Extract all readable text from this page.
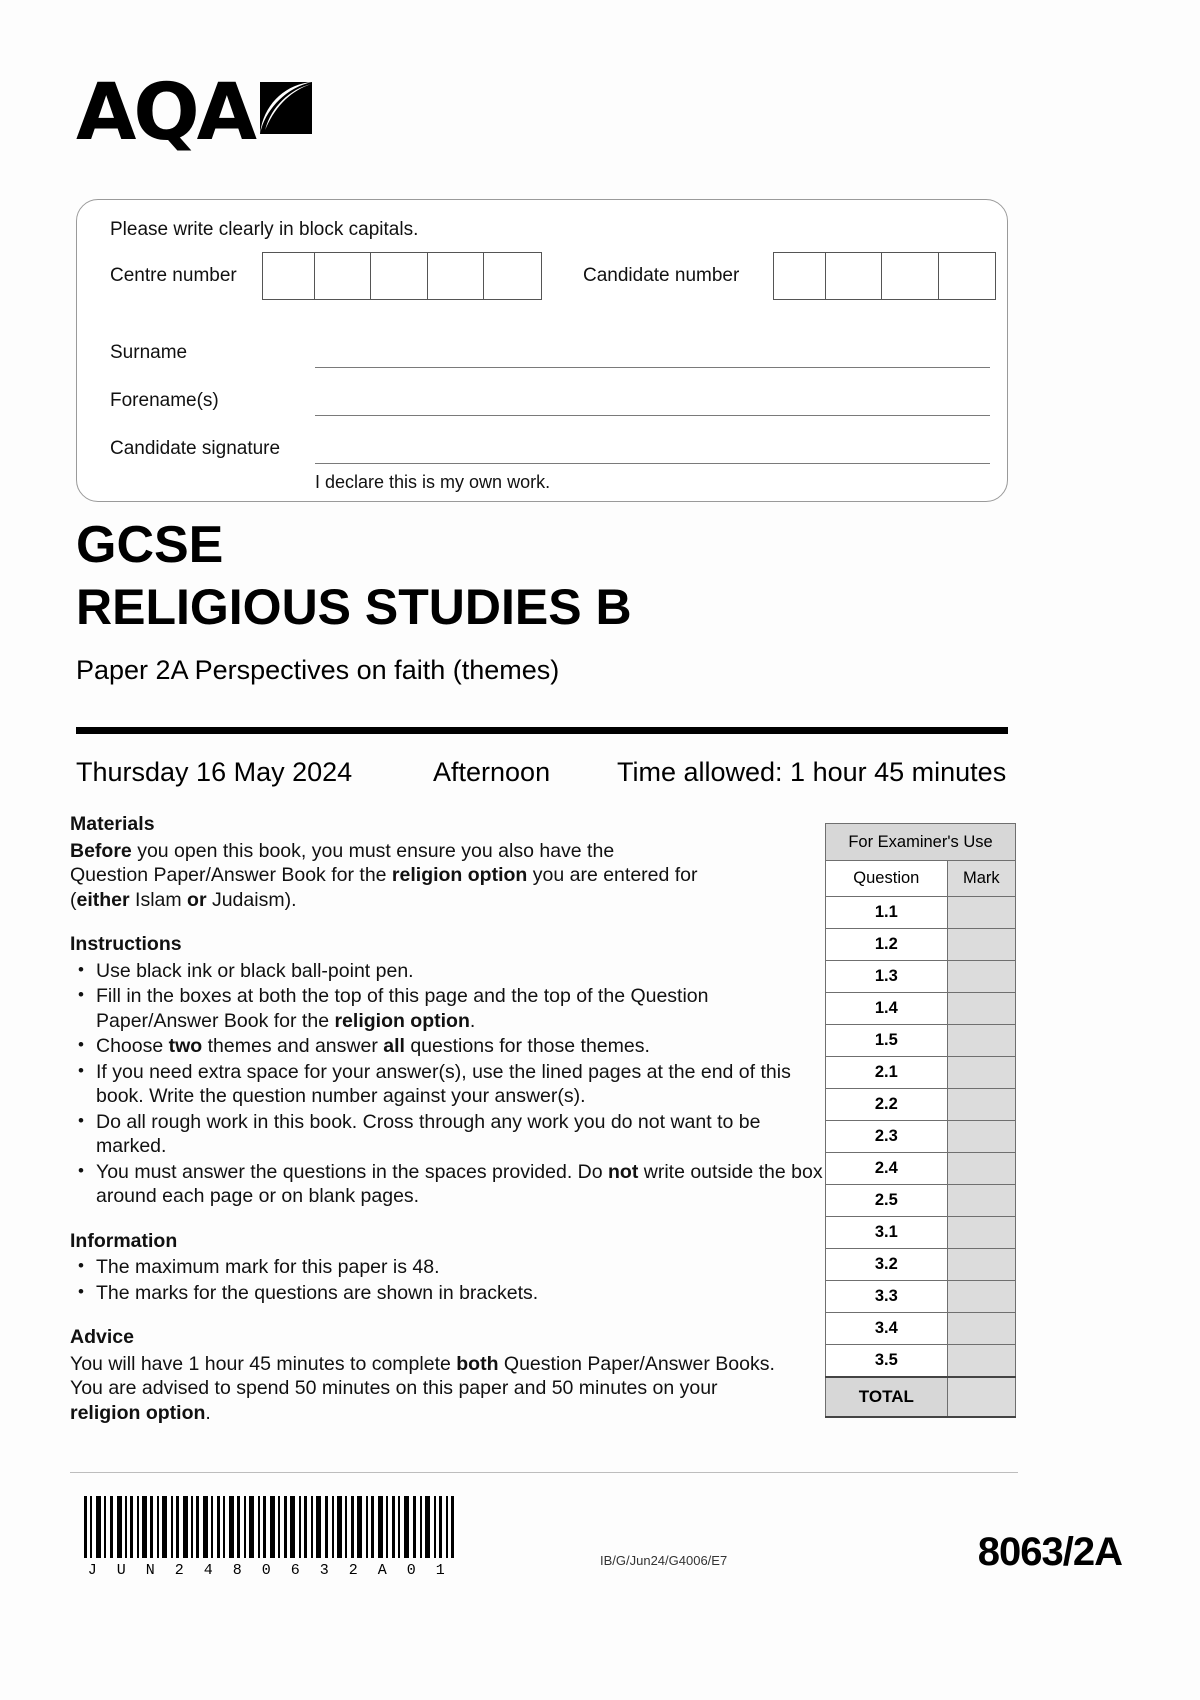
AQA
Please write clearly in block capitals.
Centre number
	Candidate number

Surname
Forename(s)
Candidate signature
I declare this is my own work.
GCSE
RELIGIOUS STUDIES B
Paper 2A Perspectives on faith (themes)
Thursday 16 May 2024	Afternoon Time allowed: 1 hour 45 minutes
Materials

Before you open this book, you must ensure you also have the
Question Paper/Answer Book for the religion option you are entered for
(either Islam or Judaism).

Instructions
• Use black ink or black ball-point pen.
• Fill in the boxes at both the top of this page and the top of the Question Paper/Answer Book for the religion option.
• Choose two themes and answer all questions for those themes.
• If you need extra space for your answer(s), use the lined pages at the end of this book. Write the question number against your answer(s).
• Do all rough work in this book. Cross through any work you do not want to be marked.
• You must answer the questions in the spaces provided. Do not write outside the box around each page or on blank pages.
Information
• The maximum mark for this paper is 48.
• The marks for the questions are shown in brackets.
Advice

You will have 1 hour 45 minutes to complete both Question Paper/Answer Books.
You are advised to spend 50 minutes on this paper and 50 minutes on your
religion option.

For Examiner's Use	
Question	Mark
1.1	
1.2	
1.3	
1.4	
1.5	
2.1	
2.2	
2.3	
2.4	
2.5	
3.1	
3.2	
3.3	
3.4	
3.5	
TOTAL	
J U N 2 4 8 0 6 3 2 A 0 1
IB/G/Jun24/G4006/E7	8063/2A
